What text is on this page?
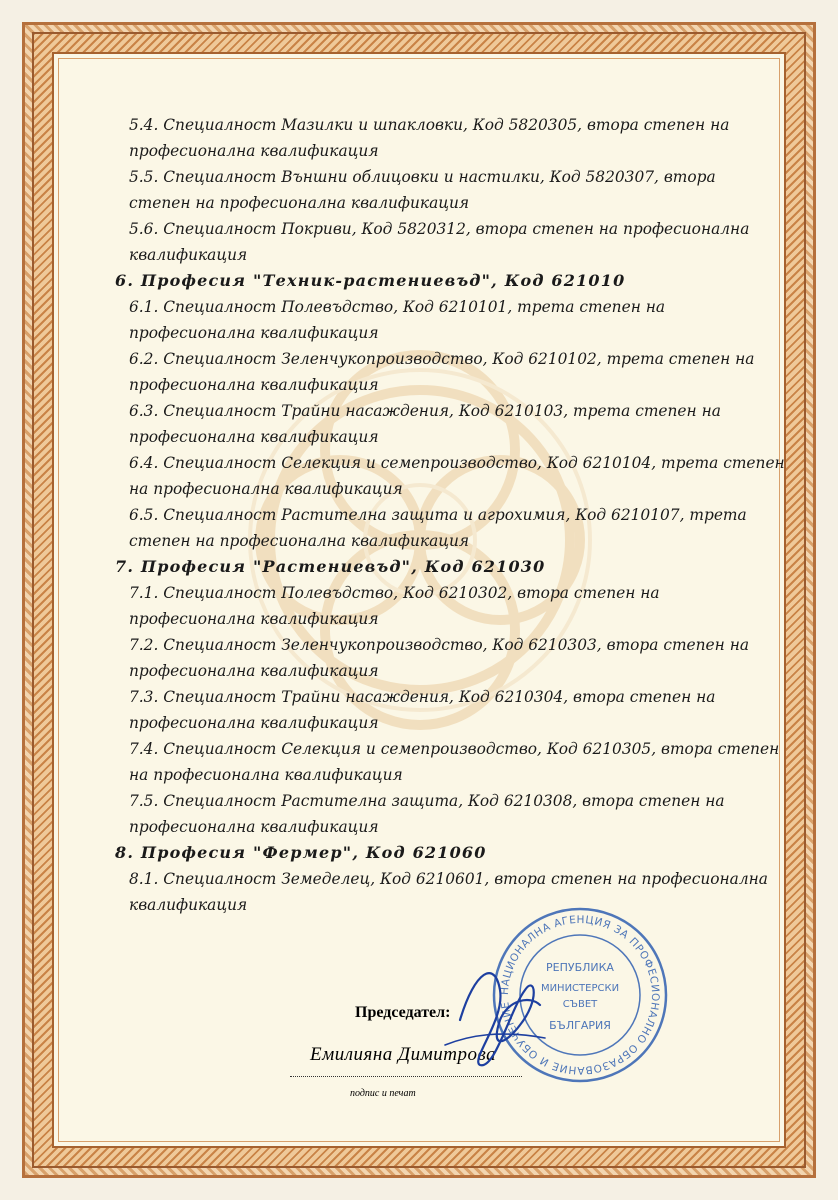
5.4. Специалност Мазилки и шпакловки, Код 5820305, втора степен на
професионална квалификация
5.5. Специалност Външни облицовки и настилки, Код 5820307, втора
степен на професионална квалификация
5.6. Специалност Покриви, Код 5820312, втора степен на професионална
квалификация
6. Професия "Техник-растениевъд", Код 621010
6.1. Специалност Полевъдство, Код 6210101, трета степен на
професионална квалификация
6.2. Специалност Зеленчукопроизводство, Код 6210102, трета степен на
професионална квалификация
6.3. Специалност Трайни насаждения, Код 6210103, трета степен на
професионална квалификация
6.4. Специалност Селекция и семепроизводство, Код 6210104, трета степен
на професионална квалификация
6.5. Специалност Растителна защита и агрохимия, Код 6210107, трета
степен на професионална квалификация
7. Професия "Растениевъд", Код 621030
7.1. Специалност Полевъдство, Код 6210302, втора степен на
професионална квалификация
7.2. Специалност Зеленчукопроизводство, Код 6210303, втора степен на
професионална квалификация
7.3. Специалност Трайни насаждения, Код 6210304, втора степен на
професионална квалификация
7.4. Специалност Селекция и семепроизводство, Код 6210305, втора степен
на професионална квалификация
7.5. Специалност Растителна защита, Код 6210308, втора степен на
професионална квалификация
8. Професия "Фермер", Код 621060
8.1. Специалност Земеделец, Код 6210601, втора степен на професионална
квалификация
Председател:
Емилияна Димитрова
подпис и печат
НАЦИОНАЛНА АГЕНЦИЯ ЗА ПРОФЕСИОНАЛНО ОБРАЗОВАНИЕ И ОБУЧЕНИЕ
РЕПУБЛИКА
МИНИСТЕРСКИ
СЪВЕТ
БЪЛГАРИЯ
